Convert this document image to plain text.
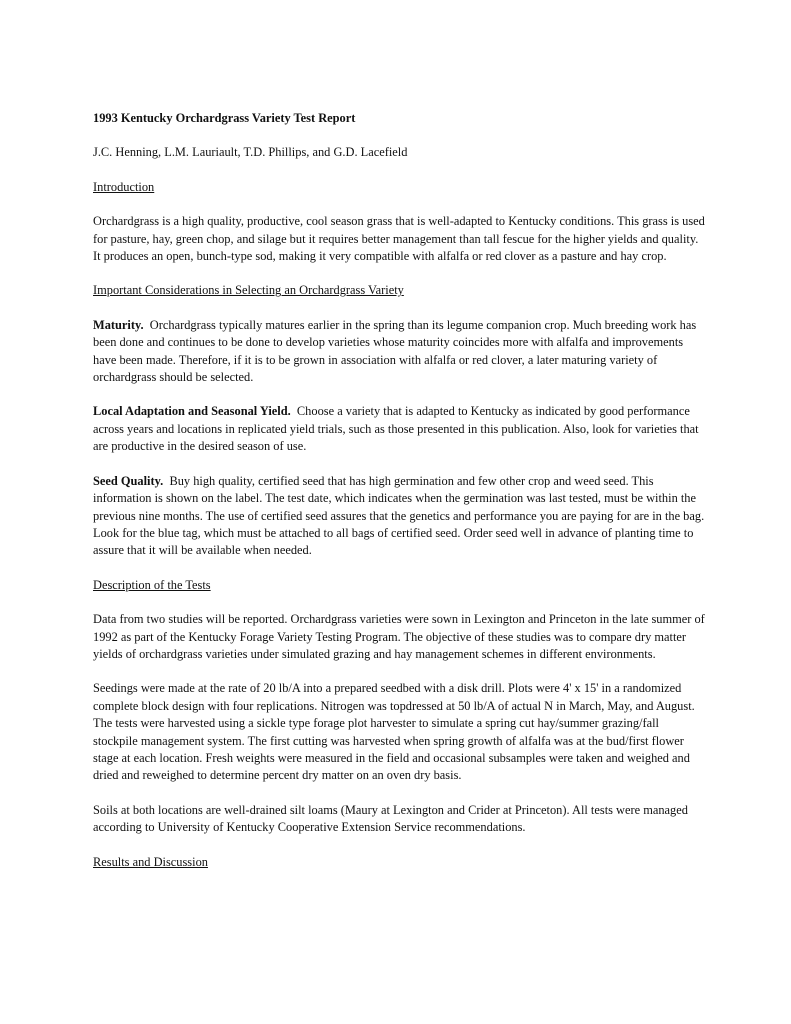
1993 Kentucky Orchardgrass Variety Test Report
J.C. Henning, L.M. Lauriault, T.D. Phillips, and G.D. Lacefield
Introduction
Orchardgrass is a high quality, productive, cool season grass that is well-adapted to Kentucky conditions. This grass is used for pasture, hay, green chop, and silage but it requires better management than tall fescue for the higher yields and quality. It produces an open, bunch-type sod, making it very compatible with alfalfa or red clover as a pasture and hay crop.
Important Considerations in Selecting an Orchardgrass Variety
Maturity. Orchardgrass typically matures earlier in the spring than its legume companion crop. Much breeding work has been done and continues to be done to develop varieties whose maturity coincides more with alfalfa and improvements have been made. Therefore, if it is to be grown in association with alfalfa or red clover, a later maturing variety of orchardgrass should be selected.
Local Adaptation and Seasonal Yield. Choose a variety that is adapted to Kentucky as indicated by good performance across years and locations in replicated yield trials, such as those presented in this publication. Also, look for varieties that are productive in the desired season of use.
Seed Quality. Buy high quality, certified seed that has high germination and few other crop and weed seed. This information is shown on the label. The test date, which indicates when the germination was last tested, must be within the previous nine months. The use of certified seed assures that the genetics and performance you are paying for are in the bag. Look for the blue tag, which must be attached to all bags of certified seed. Order seed well in advance of planting time to assure that it will be available when needed.
Description of the Tests
Data from two studies will be reported. Orchardgrass varieties were sown in Lexington and Princeton in the late summer of 1992 as part of the Kentucky Forage Variety Testing Program. The objective of these studies was to compare dry matter yields of orchardgrass varieties under simulated grazing and hay management schemes in different environments.
Seedings were made at the rate of 20 lb/A into a prepared seedbed with a disk drill. Plots were 4' x 15' in a randomized complete block design with four replications. Nitrogen was topdressed at 50 lb/A of actual N in March, May, and August. The tests were harvested using a sickle type forage plot harvester to simulate a spring cut hay/summer grazing/fall stockpile management system. The first cutting was harvested when spring growth of alfalfa was at the bud/first flower stage at each location. Fresh weights were measured in the field and occasional subsamples were taken and weighed and dried and reweighed to determine percent dry matter on an oven dry basis.
Soils at both locations are well-drained silt loams (Maury at Lexington and Crider at Princeton). All tests were managed according to University of Kentucky Cooperative Extension Service recommendations.
Results and Discussion
